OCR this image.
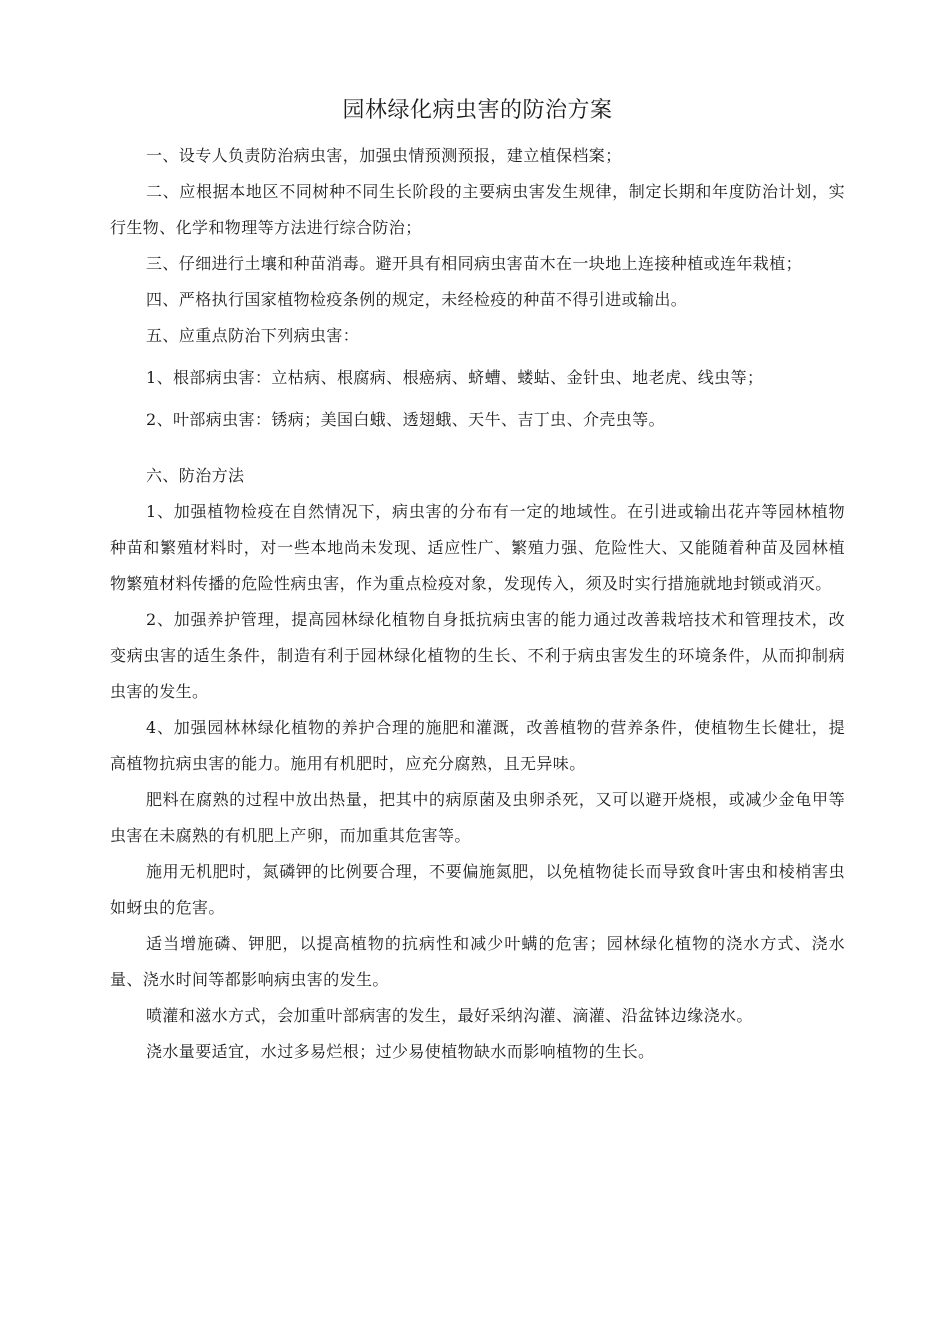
园林绿化病虫害的防治方案

一、设专人负责防治病虫害，加强虫情预测预报，建立植保档案；

二、应根据本地区不同树种不同生长阶段的主要病虫害发生规律，制定长期和年度防治计划，实行生物、化学和物理等方法进行综合防治；

三、仔细进行土壤和种苗消毒。避开具有相同病虫害苗木在一块地上连接种植或连年栽植；

四、严格执行国家植物检疫条例的规定，未经检疫的种苗不得引进或输出。

五、应重点防治下列病虫害：

1、根部病虫害：立枯病、根腐病、根癌病、蛴螬、蝼蛄、金针虫、地老虎、线虫等；

2、叶部病虫害：锈病；美国白蛾、透翅蛾、天牛、吉丁虫、介壳虫等。

六、防治方法

1、加强植物检疫在自然情况下，病虫害的分布有一定的地域性。在引进或输出花卉等园林植物种苗和繁殖材料时，对一些本地尚未发现、适应性广、繁殖力强、危险性大、又能随着种苗及园林植物繁殖材料传播的危险性病虫害，作为重点检疫对象，发现传入，须及时实行措施就地封锁或消灭。

2、加强养护管理，提高园林绿化植物自身抵抗病虫害的能力通过改善栽培技术和管理技术，改变病虫害的适生条件，制造有利于园林绿化植物的生长、不利于病虫害发生的环境条件，从而抑制病虫害的发生。

4、加强园林林绿化植物的养护合理的施肥和灌溉，改善植物的营养条件，使植物生长健壮，提高植物抗病虫害的能力。施用有机肥时，应充分腐熟，且无异味。

肥料在腐熟的过程中放出热量，把其中的病原菌及虫卵杀死，又可以避开烧根，或减少金龟甲等虫害在未腐熟的有机肥上产卵，而加重其危害等。

施用无机肥时，氮磷钾的比例要合理，不要偏施氮肥，以免植物徒长而导致食叶害虫和棱梢害虫如蚜虫的危害。

适当增施磷、钾肥，以提高植物的抗病性和减少叶螨的危害；园林绿化植物的浇水方式、浇水量、浇水时间等都影响病虫害的发生。

喷灌和滋水方式，会加重叶部病害的发生，最好采纳沟灌、滴灌、沿盆钵边缘浇水。

浇水量要适宜，水过多易烂根；过少易使植物缺水而影响植物的生长。
